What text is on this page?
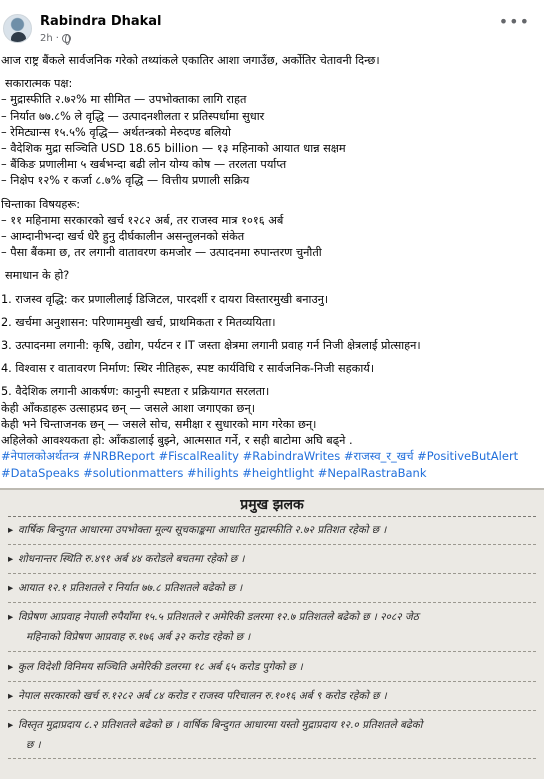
Rabindra Dhakal
2h ·
•••
आज राष्ट्र बैंकले सार्वजनिक गरेको तथ्यांकले एकातिर आशा जगाउँछ, अर्कोतिर चेतावनी दिन्छ।
सकारात्मक पक्ष:
– मुद्रास्फीति २.७२% मा सीमित — उपभोक्ताका लागि राहत
– निर्यात ७७.८% ले वृद्धि — उत्पादनशीलता र प्रतिस्पर्धामा सुधार
– रेमिट्यान्स १५.५% वृद्धि— अर्थतन्त्रको मेरुदण्ड बलियो
– वैदेशिक मुद्रा सञ्चिति USD 18.65 billion — १३ महिनाको आयात धान्न सक्षम
– बैंकिङ प्रणालीमा ५ खर्बभन्दा बढी लोन योग्य कोष — तरलता पर्याप्त
– निक्षेप १२% र कर्जा ८.७% वृद्धि — वित्तीय प्रणाली सक्रिय
चिन्ताका विषयहरू:
– ११ महिनामा सरकारको खर्च १२८२ अर्ब, तर राजस्व मात्र १०१६ अर्ब
– आम्दानीभन्दा खर्च धेरै हुनु दीर्घकालीन असन्तुलनको संकेत
– पैसा बैंकमा छ, तर लगानी वातावरण कमजोर — उत्पादनमा रुपान्तरण चुनौती
समाधान के हो?
1. राजस्व वृद्धि: कर प्रणालीलाई डिजिटल, पारदर्शी र दायरा विस्तारमुखी बनाउनु।
2. खर्चमा अनुशासन: परिणाममुखी खर्च, प्राथमिकता र मितव्ययिता।
3. उत्पादनमा लगानी: कृषि, उद्योग, पर्यटन र IT जस्ता क्षेत्रमा लगानी प्रवाह गर्न निजी क्षेत्रलाई प्रोत्साहन।
4. विश्वास र वातावरण निर्माण: स्थिर नीतिहरू, स्पष्ट कार्यविधि र सार्वजनिक-निजी सहकार्य।
5. वैदेशिक लगानी आकर्षण: कानुनी स्पष्टता र प्रक्रियागत सरलता।
केही आँकडाहरू उत्साहप्रद छन् — जसले आशा जगाएका छन्।
केही भने चिन्ताजनक छन् — जसले सोच, समीक्षा र सुधारको माग गरेका छन्।
अहिलेको आवश्यकता हो: आँकडालाई बुझ्ने, आत्मसात गर्ने, र सही बाटोमा अघि बढ्ने .
#नेपालकोअर्थतन्त्र #NRBReport #FiscalReality #RabindraWrites #राजस्व_र_खर्च #PositiveButAlert
#DataSpeaks #solutionmatters #hilights #heightlight #NepalRastraBank
प्रमुख झलक
▸ वार्षिक बिन्दुगत आधारमा उपभोक्ता मूल्य सूचकाङ्कमा आधारित मुद्रास्फीति २.७२ प्रतिशत रहेको छ ।
▸ शोधनान्तर स्थिति रु.४९१ अर्ब ४४ करोडले बचतमा रहेको छ ।
▸ आयात १२.१ प्रतिशतले र निर्यात ७७.८ प्रतिशतले बढेको छ ।
▸ विप्रेषण आप्रवाह नेपाली रुपैयाँमा १५.५ प्रतिशतले र अमेरिकी डलरमा १२.७ प्रतिशतले बढेको छ । २०८२ जेठ
महिनाको विप्रेषण आप्रवाह रु.१७६ अर्ब ३२ करोड रहेको छ ।
▸ कुल विदेशी विनिमय सञ्चिति अमेरिकी डलरमा १८ अर्ब ६५ करोड पुगेको छ ।
▸ नेपाल सरकारको खर्च रु.१२८२ अर्ब ८४ करोड र राजस्व परिचालन रु.१०१६ अर्ब ९ करोड रहेको छ ।
▸ विस्तृत मुद्राप्रदाय ८.२ प्रतिशतले बढेको छ । वार्षिक बिन्दुगत आधारमा यस्तो मुद्राप्रदाय १२.० प्रतिशतले बढेको
छ ।
